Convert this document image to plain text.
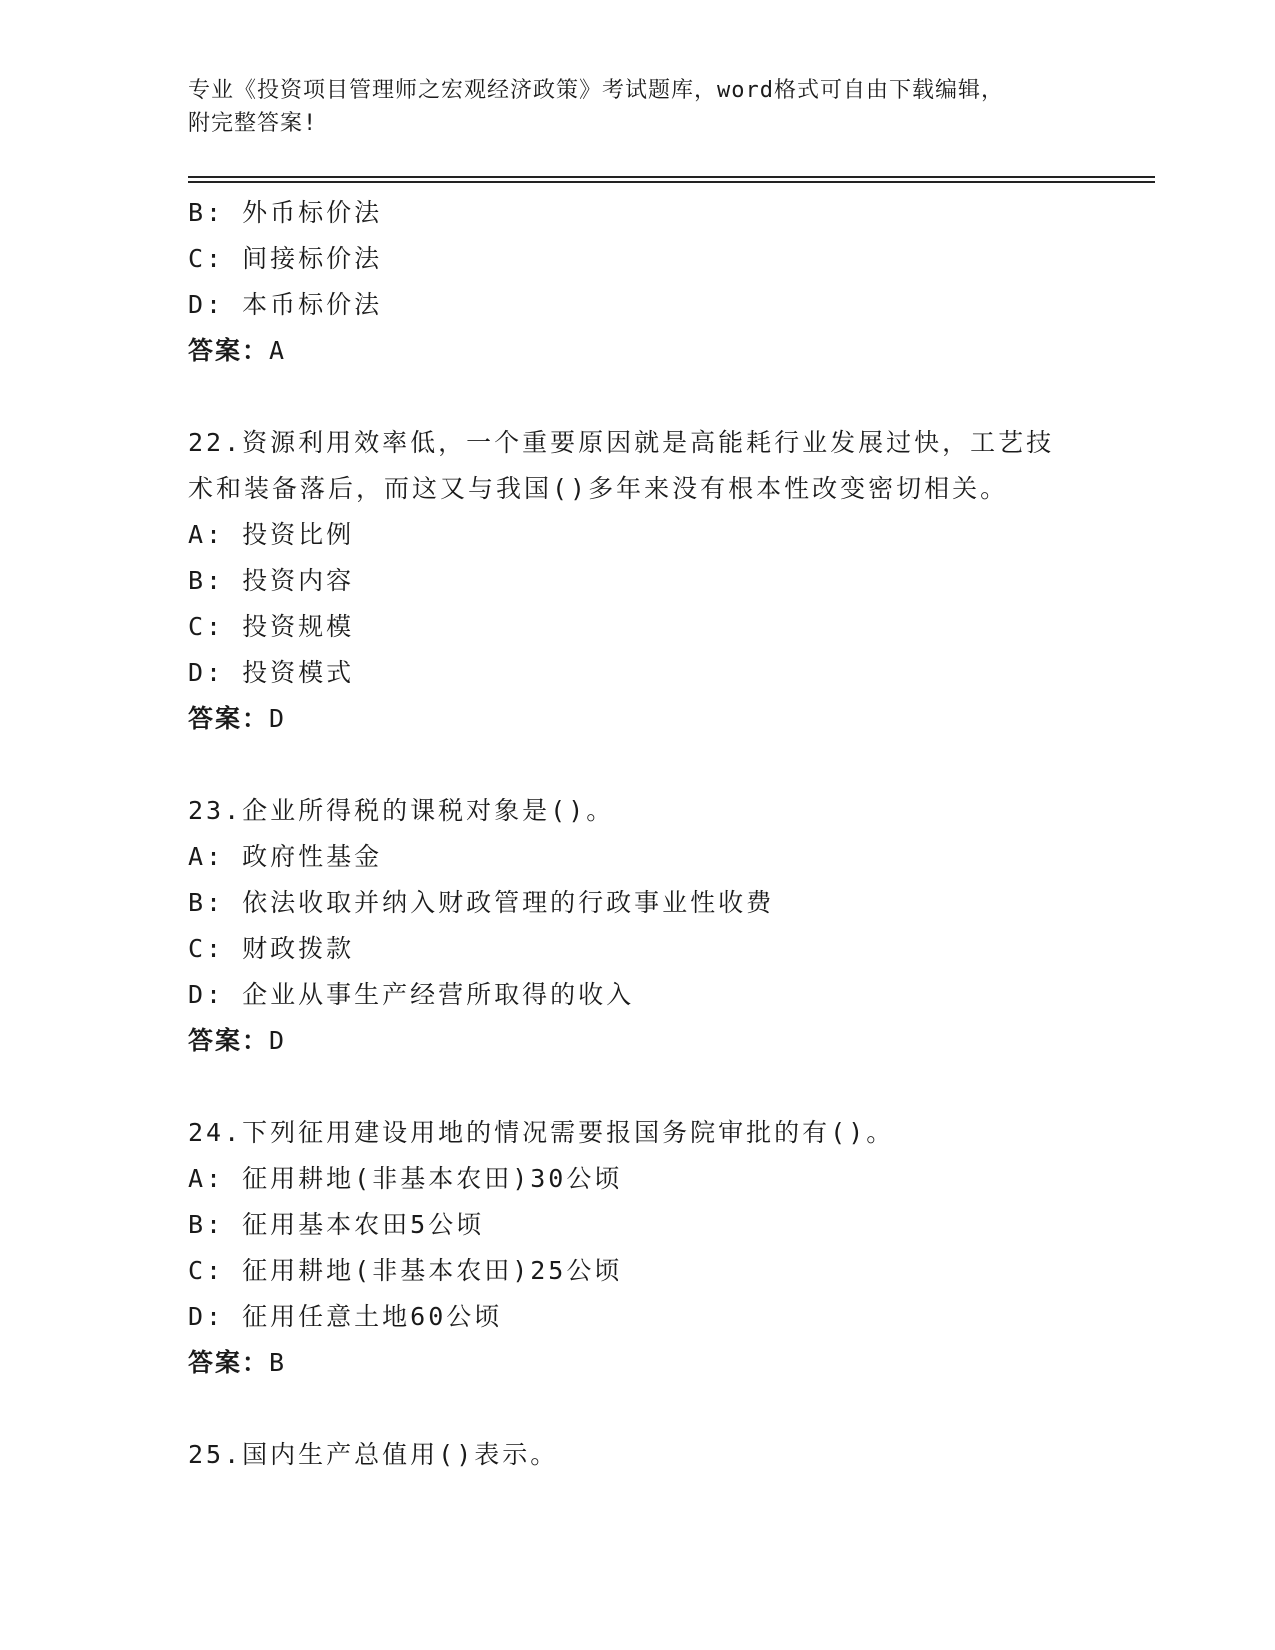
专业《投资项目管理师之宏观经济政策》考试题库，word格式可自由下载编辑，
附完整答案!
B: 外币标价法
C: 间接标价法
D: 本币标价法
答案：A
22.资源利用效率低，一个重要原因就是高能耗行业发展过快，工艺技
术和装备落后，而这又与我国()多年来没有根本性改变密切相关。
A: 投资比例
B: 投资内容
C: 投资规模
D: 投资模式
答案：D
23.企业所得税的课税对象是()。
A: 政府性基金
B: 依法收取并纳入财政管理的行政事业性收费
C: 财政拨款
D: 企业从事生产经营所取得的收入
答案：D
24.下列征用建设用地的情况需要报国务院审批的有()。
A: 征用耕地(非基本农田)30公顷
B: 征用基本农田5公顷
C: 征用耕地(非基本农田)25公顷
D: 征用任意土地60公顷
答案：B
25.国内生产总值用()表示。
